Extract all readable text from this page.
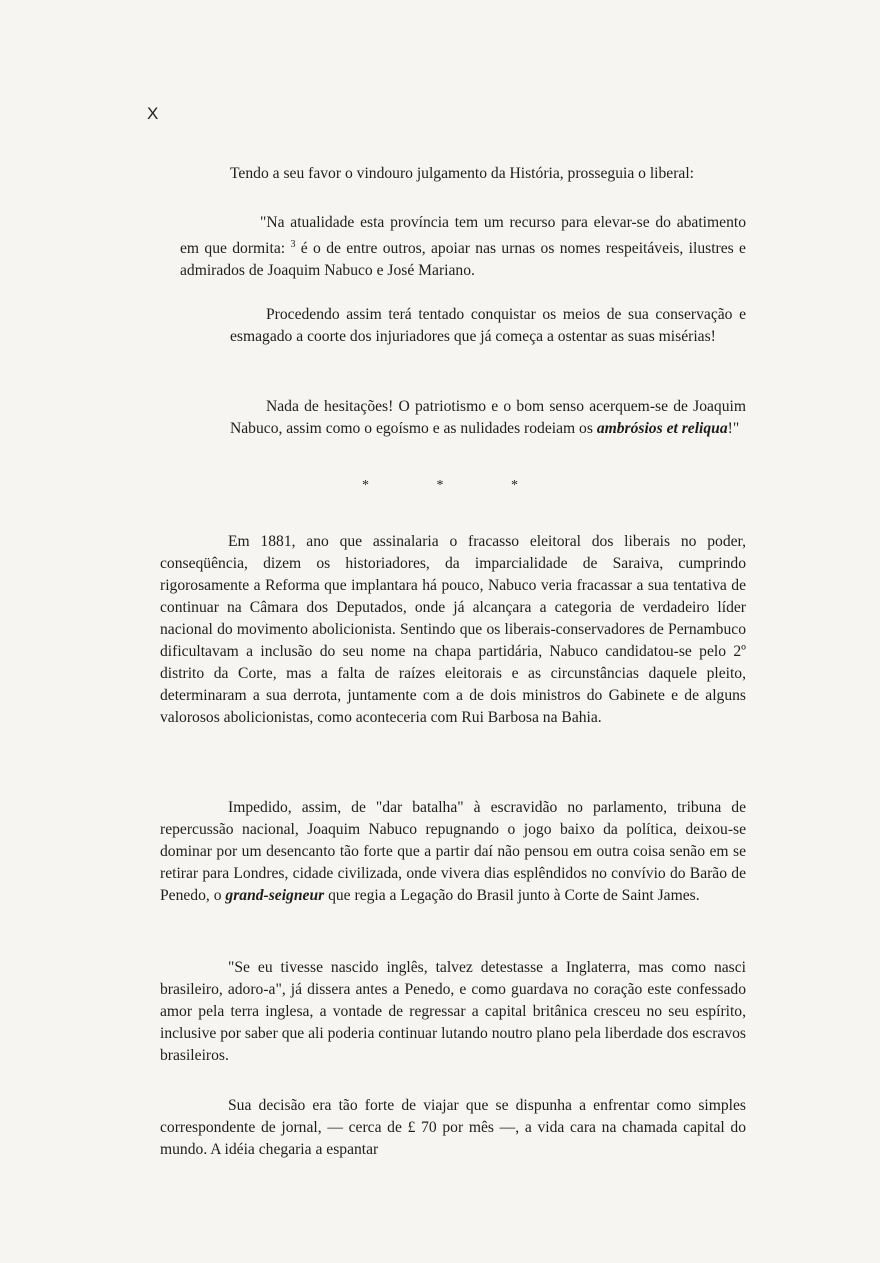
X

Tendo a seu favor o vindouro julgamento da História, prosseguia o liberal:

"Na atualidade esta província tem um recurso para elevar-se do abatimento em que dormita: $^3$ é o de entre outros, apoiar nas urnas os nomes respeitáveis, ilustres e admirados de Joaquim Nabuco e José Mariano.

Procedendo assim terá tentado conquistar os meios de sua conservação e esmagado a coorte dos injuriadores que já começa a ostentar as suas misérias!

Nada de hesitações! O patriotismo e o bom senso acerquem-se de Joaquim Nabuco, assim como o egoísmo e as nulidades rodeiam os ambrósios et reliqua!"

* * *

Em 1881, ano que assinalaria o fracasso eleitoral dos liberais no poder, conseqüência, dizem os historiadores, da imparcialidade de Saraiva, cumprindo rigorosamente a Reforma que implantara há pouco, Nabuco veria fracassar a sua tentativa de continuar na Câmara dos Deputados, onde já alcançara a categoria de verdadeiro líder nacional do movimento abolicionista. Sentindo que os liberais-conservadores de Pernambuco dificultavam a inclusão do seu nome na chapa partidária, Nabuco candidatou-se pelo 2º distrito da Corte, mas a falta de raízes eleitorais e as circunstâncias daquele pleito, determinaram a sua derrota, juntamente com a de dois ministros do Gabinete e de alguns valorosos abolicionistas, como aconteceria com Rui Barbosa na Bahia.

Impedido, assim, de "dar batalha" à escravidão no parlamento, tribuna de repercussão nacional, Joaquim Nabuco repugnando o jogo baixo da política, deixou-se dominar por um desencanto tão forte que a partir daí não pensou em outra coisa senão em se retirar para Londres, cidade civilizada, onde vivera dias esplêndidos no convívio do Barão de Penedo, o grand-seigneur que regia a Legação do Brasil junto à Corte de Saint James.

"Se eu tivesse nascido inglês, talvez detestasse a Inglaterra, mas como nasci brasileiro, adoro-a", já dissera antes a Penedo, e como guardava no coração este confessado amor pela terra inglesa, a vontade de regressar a capital britânica cresceu no seu espírito, inclusive por saber que ali poderia continuar lutando noutro plano pela liberdade dos escravos brasileiros.

Sua decisão era tão forte de viajar que se dispunha a enfrentar como simples correspondente de jornal, — cerca de £ 70 por mês —, a vida cara na chamada capital do mundo. A idéia chegaria a espantar
